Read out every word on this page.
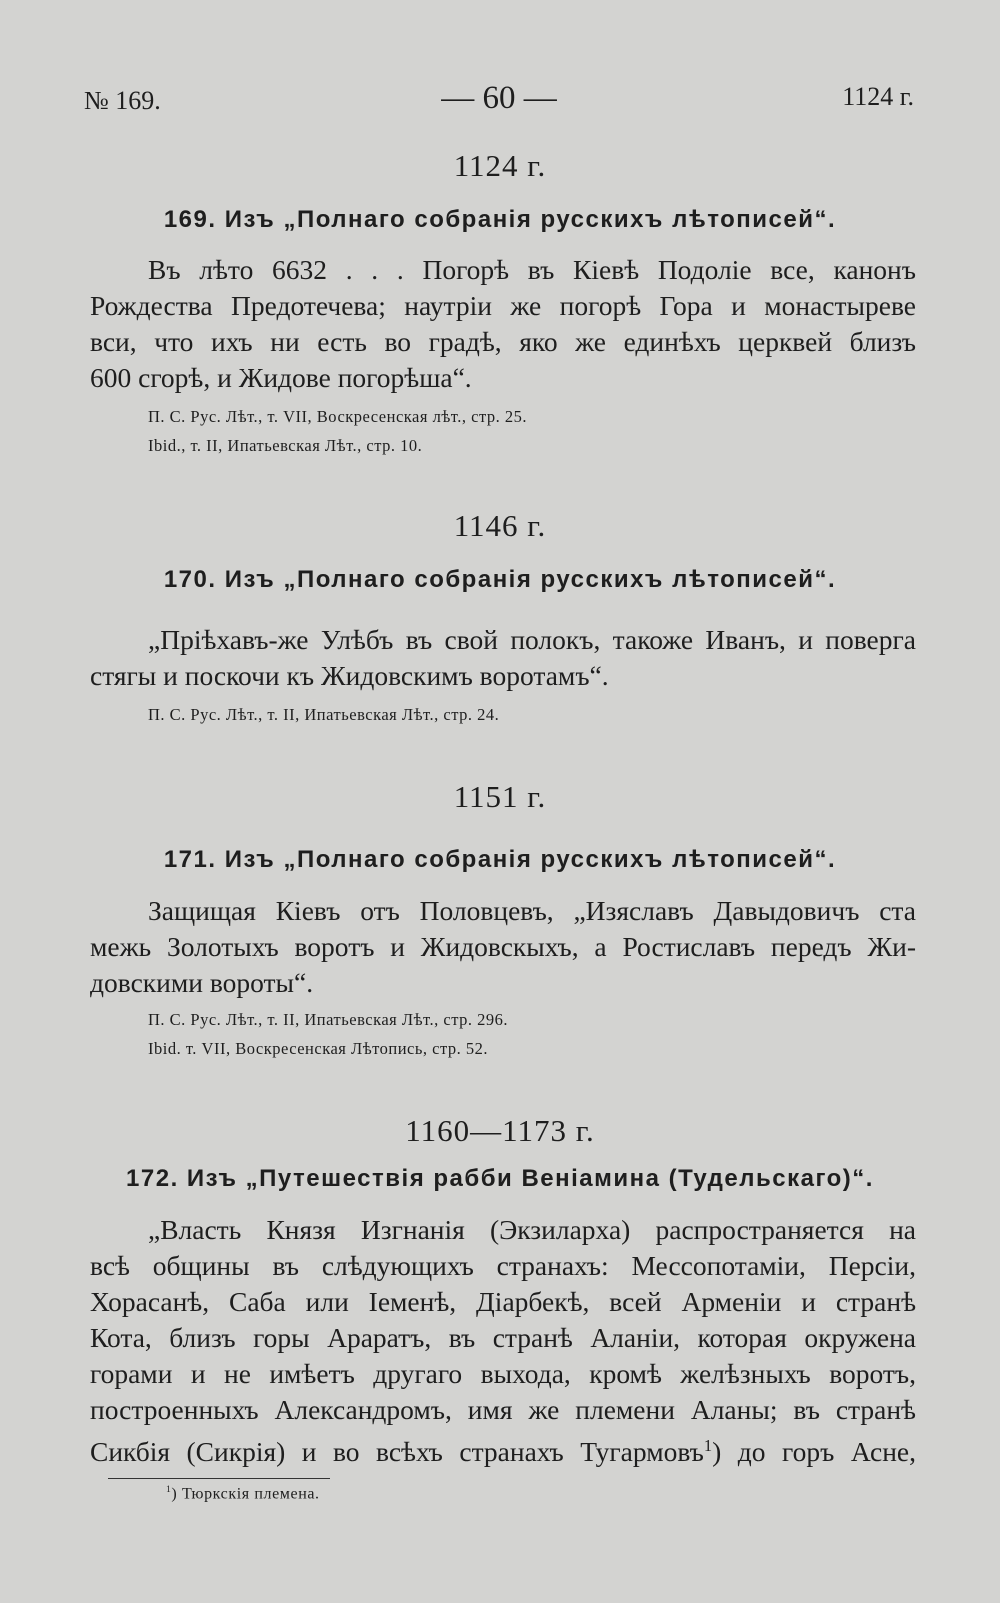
№ 169.	— 60 —	1124 г.
1124 г.
169. Изъ „Полнаго собранія русскихъ лѣтописей“.
Въ лѣто 6632 . . . Погорѣ въ Кіевѣ Подоліе все, канонъ
Рождества Предотечева; наутріи же погорѣ Гора и монастыреве
вси, что ихъ ни есть во градѣ, яко же единѣхъ церквей близъ
600 сгорѣ, и Жидове погорѣша“.
П. С. Рус. Лѣт., т. VII, Воскресенская лѣт., стр. 25.
Ibid., т. II, Ипатьевская Лѣт., стр. 10.
1146 г.
170. Изъ „Полнаго собранія русскихъ лѣтописей“.
„Пріѣхавъ-же Улѣбъ въ свой полокъ, такоже Иванъ, и поверга
стягы и поскочи къ Жидовскимъ воротамъ“.
П. С. Рус. Лѣт., т. II, Ипатьевская Лѣт., стр. 24.
1151 г.
171. Изъ „Полнаго собранія русскихъ лѣтописей“.
Защищая Кіевъ отъ Половцевъ, „Изяславъ Давыдовичъ ста
межь Золотыхъ воротъ и Жидовскыхъ, а Ростиславъ передъ Жи-
довскими вороты“.
П. С. Рус. Лѣт., т. II, Ипатьевская Лѣт., стр. 296.
Ibid. т. VII, Воскресенская Лѣтопись, стр. 52.
1160—1173 г.
172. Изъ „Путешествія рабби Веніамина (Тудельскаго)“.
„Власть Князя Изгнанія (Экзиларха) распространяется на
всѣ общины въ слѣдующихъ странахъ: Мессопотаміи, Персіи,
Хорасанѣ, Саба или Іеменѣ, Діарбекѣ, всей Арменіи и странѣ
Кота, близъ горы Араратъ, въ странѣ Аланіи, которая окружена
горами и не имѣетъ другаго выхода, кромѣ желѣзныхъ воротъ,
построенныхъ Александромъ, имя же племени Аланы; въ странѣ
Сикбія (Сикрія) и во всѣхъ странахъ Тугармовъ$^1$) до горъ Асне,
$^1$) Тюркскія племена.
